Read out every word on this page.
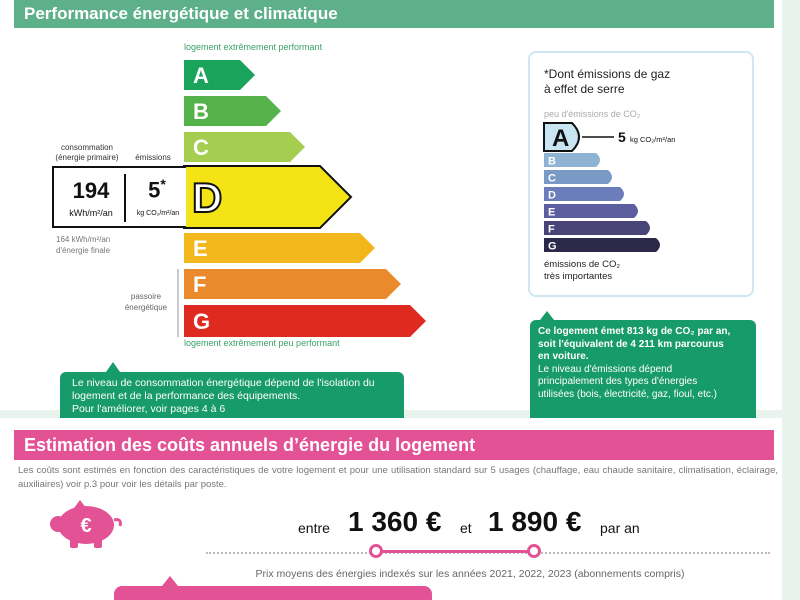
Performance énergétique et climatique
logement extrêmement performant
A
B
C
D
E
F
G
194
kWh/m²/an
5*
kg CO₂/m²/an
consommation
(énergie primaire)	émissions
164 kWh/m²/an
d'énergie finale
passoire
énergétique
logement extrêmement peu performant
Le niveau de consommation énergétique dépend de l'isolation du
logement et de la performance des équipements.
Pour l'améliorer, voir pages 4 à 6
*Dont émissions de gaz
à effet de serre
peu d'émissions de CO₂
A	5 kg CO₂/m²/an
B
C
D
E
F
G
émissions de CO₂
très importantes
Ce logement émet 813 kg de CO₂ par an,
soit l'équivalent de 4 211 km parcourus
en voiture.
Le niveau d'émissions dépend
principalement des types d'énergies
utilisées (bois, électricité, gaz, fioul, etc.)
Estimation des coûts annuels d’énergie du logement
Les coûts sont estimés en fonction des caractéristiques de votre logement et pour une utilisation standard sur 5 usages (chauffage, eau chaude sanitaire, climatisation, éclairage, auxiliaires) voir p.3 pour voir les détails par poste.
€	entre 1 360 € et 1 890 € par an
Prix moyens des énergies indexés sur les années 2021, 2022, 2023 (abonnements compris)
